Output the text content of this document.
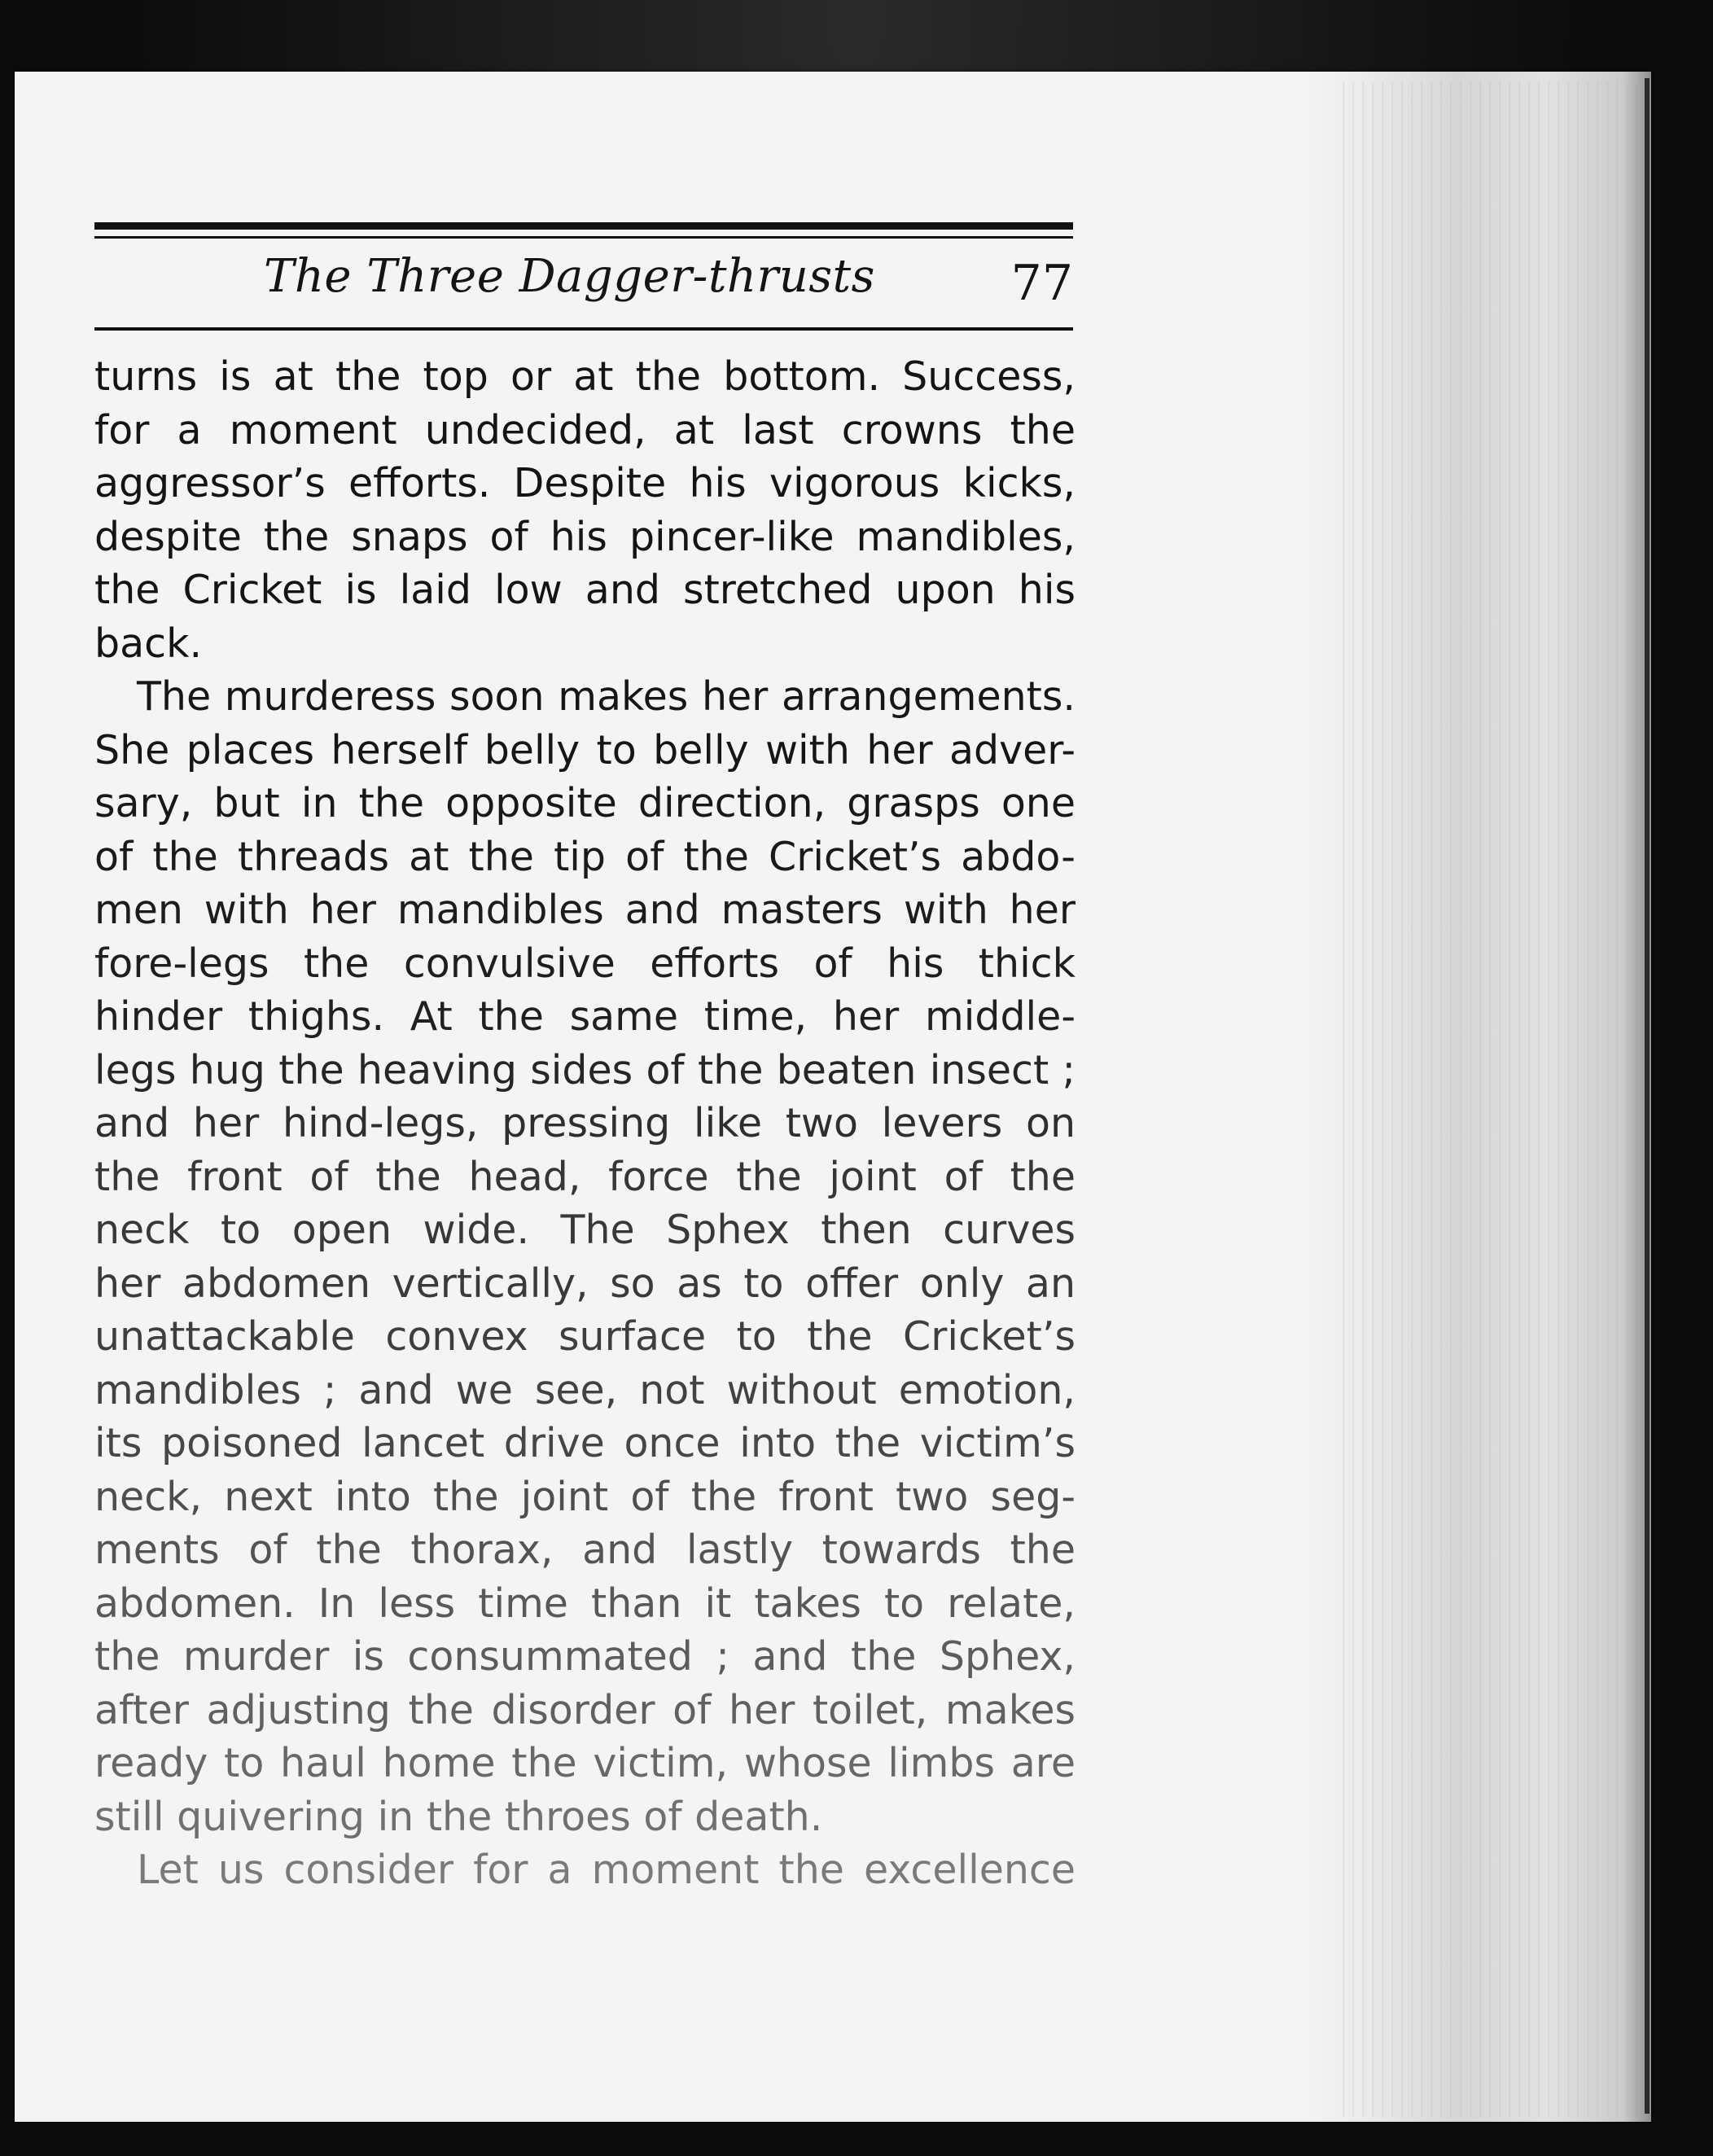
The Three Dagger-thrusts	77
turns is at the top or at the bottom. Success,
for a moment undecided, at last crowns the
aggressor’s efforts. Despite his vigorous kicks,
despite the snaps of his pincer-like mandibles,
the Cricket is laid low and stretched upon his
back.
The murderess soon makes her arrangements.
She places herself belly to belly with her adver-
sary, but in the opposite direction, grasps one
of the threads at the tip of the Cricket’s abdo-
men with her mandibles and masters with her
fore-legs the convulsive efforts of his thick
hinder thighs. At the same time, her middle-
legs hug the heaving sides of the beaten insect ;
and her hind-legs, pressing like two levers on
the front of the head, force the joint of the
neck to open wide. The Sphex then curves
her abdomen vertically, so as to offer only an
unattackable convex surface to the Cricket’s
mandibles ; and we see, not without emotion,
its poisoned lancet drive once into the victim’s
neck, next into the joint of the front two seg-
ments of the thorax, and lastly towards the
abdomen. In less time than it takes to relate,
the murder is consummated ; and the Sphex,
after adjusting the disorder of her toilet, makes
ready to haul home the victim, whose limbs are
still quivering in the throes of death.
Let us consider for a moment the excellence
